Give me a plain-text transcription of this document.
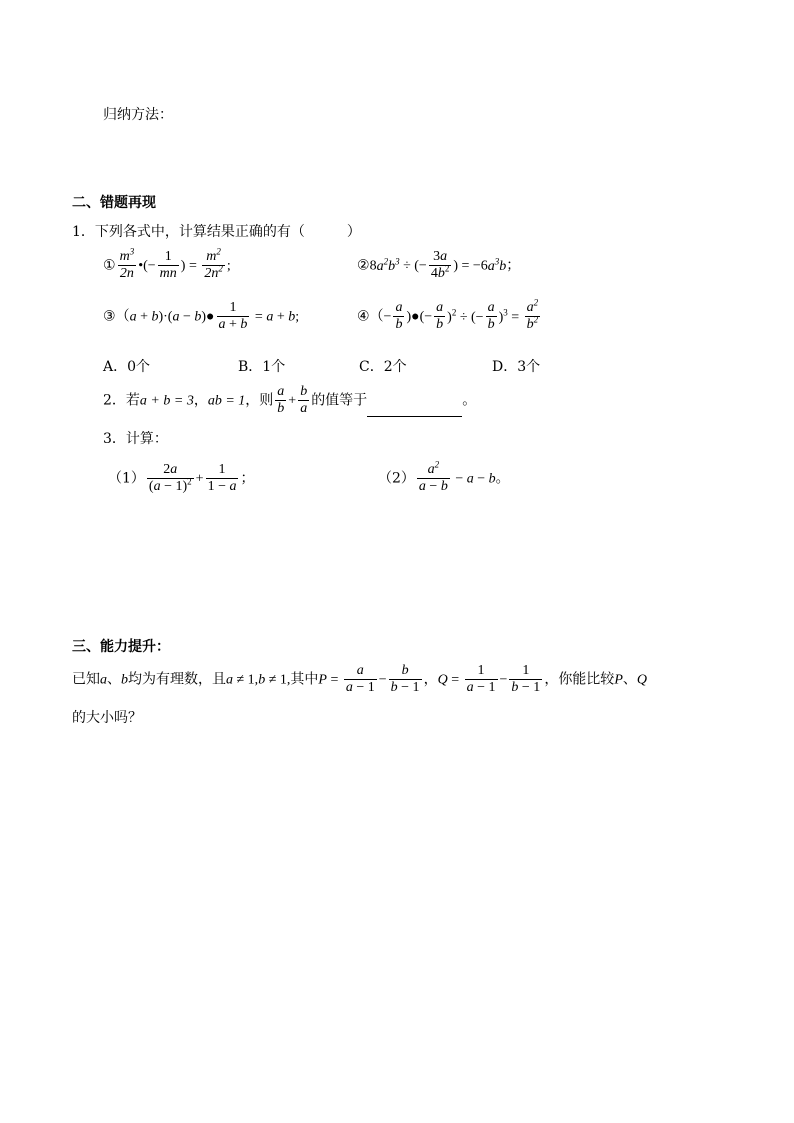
归纳方法：
二、错题再现
1．下列各式中，计算结果正确的有（　　　）
① $\frac{m^3}{2n}$ •(− $\frac{1}{mn}$ ) = $\frac{m^2}{2n^2}$ ;	$②8a^2b^3$ ÷ (− $\frac{3a}{4b^2}$ ) = $-6a^3b$；
③（a + b)·(a − b)● $\frac{1}{a + b} = a + b$;	④（− $\frac{a}{b}$ )●(− $\frac{a}{b} )^2$ ÷ (− $\frac{a}{b} )^3 = \frac{a^2}{b^2}$
A．0个	B．1个	C．2个	D．3个
2．若a + b = 3，ab = 1，则 $\frac{a}{b} + \frac{b}{a}$ 的值等于	。
3．计算：
$(1) \frac{2a}{(a - 1)^2} + \frac{1}{1 - a}$ ；	$(2) \frac{a^2}{a - b} - a - b$。
三、能力提升：
已知a、b均为有理数，且a ≠ 1,b ≠ 1,其中$P = \frac{a}{a - 1} - \frac{b}{b - 1}$ ，$Q = \frac{1}{a - 1} - \frac{1}{b - 1}$ ，你能比较P、Q
的大小吗？
